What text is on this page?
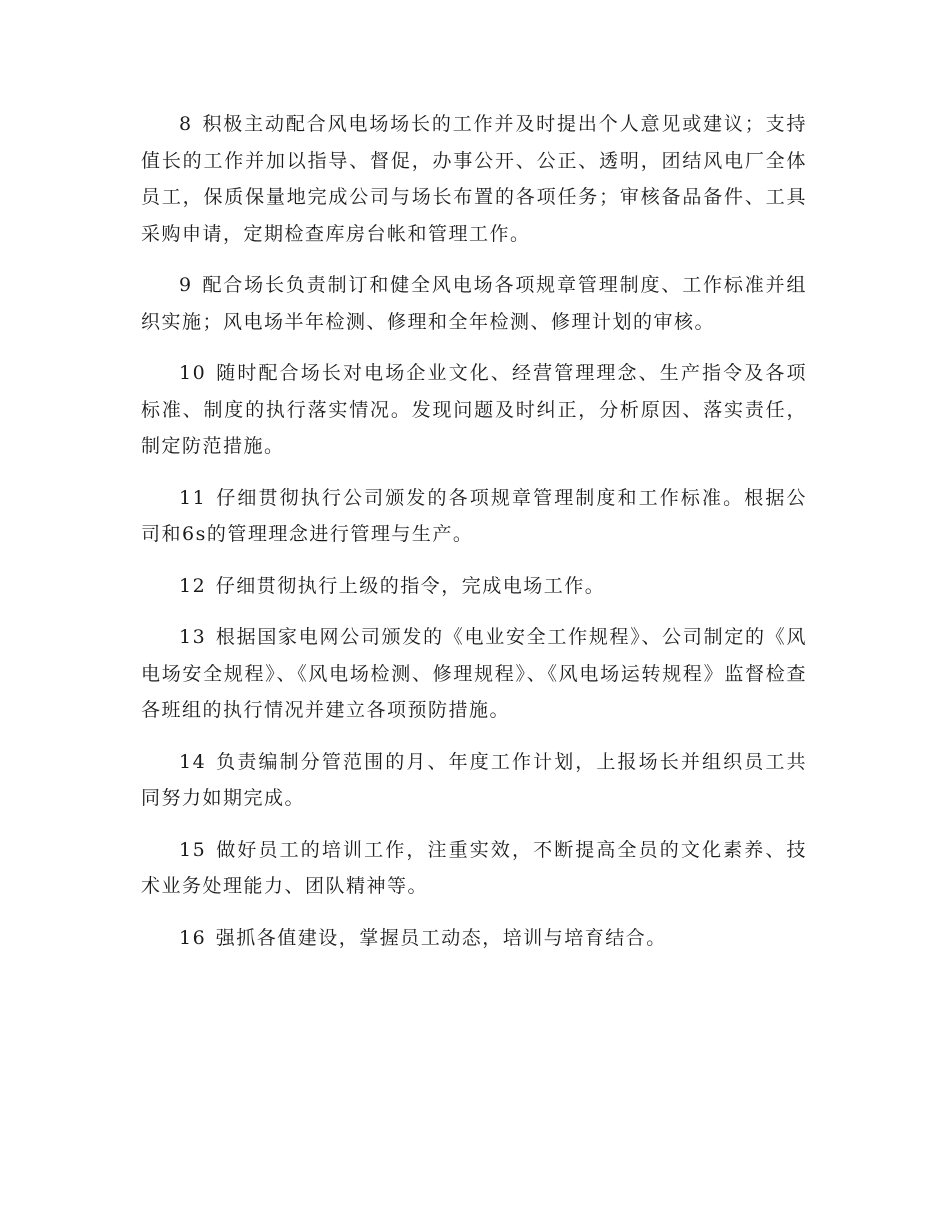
8 积极主动配合风电场场长的工作并及时提出个人意见或建议；支持值长的工作并加以指导、督促，办事公开、公正、透明，团结风电厂全体员工，保质保量地完成公司与场长布置的各项任务；审核备品备件、工具采购申请，定期检查库房台帐和管理工作。

9 配合场长负责制订和健全风电场各项规章管理制度、工作标准并组织实施；风电场半年检测、修理和全年检测、修理计划的审核。

10 随时配合场长对电场企业文化、经营管理理念、生产指令及各项标准、制度的执行落实情况。发现问题及时纠正，分析原因、落实责任，制定防范措施。

11 仔细贯彻执行公司颁发的各项规章管理制度和工作标准。根据公司和6s的管理理念进行管理与生产。

12 仔细贯彻执行上级的指令，完成电场工作。

13 根据国家电网公司颁发的《电业安全工作规程》、公司制定的《风电场安全规程》、《风电场检测、修理规程》、《风电场运转规程》监督检查各班组的执行情况并建立各项预防措施。

14 负责编制分管范围的月、年度工作计划，上报场长并组织员工共同努力如期完成。

15 做好员工的培训工作，注重实效，不断提高全员的文化素养、技术业务处理能力、团队精神等。

16 强抓各值建设，掌握员工动态，培训与培育结合。
